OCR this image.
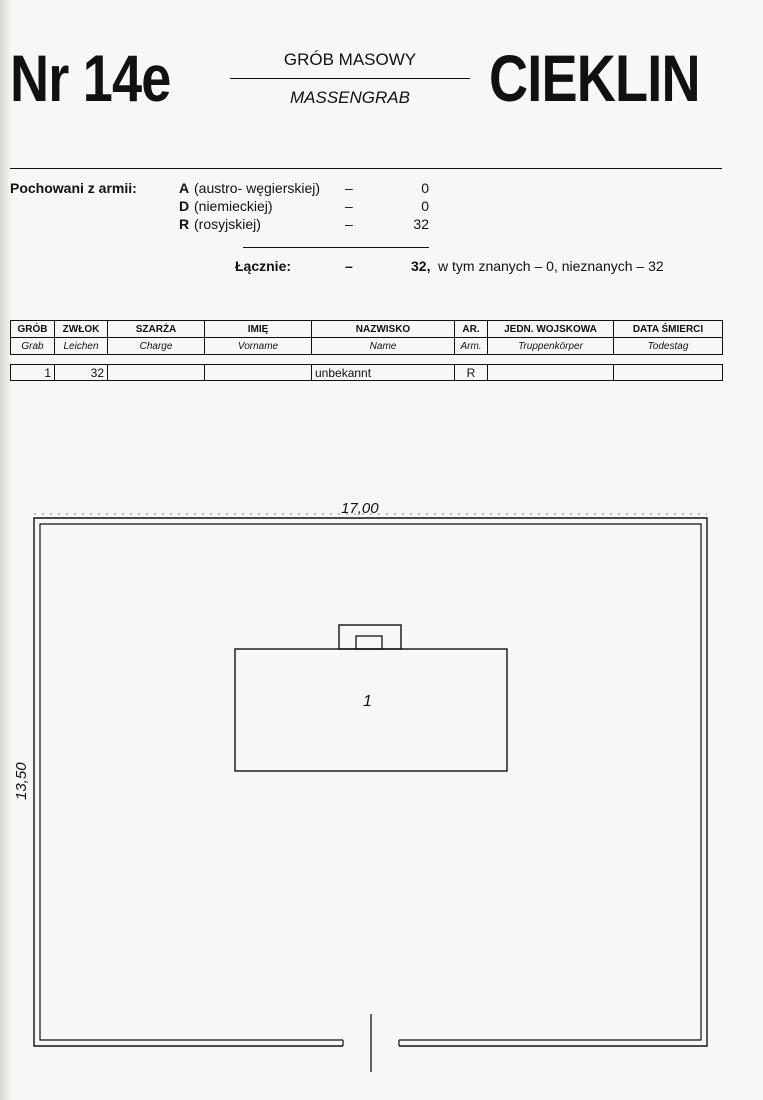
Nr 14e	GRÓB MASOWY
MASSENGRAB	CIEKLIN
Pochowani z armii:	A (austro- węgierskiej) –	0
D (niemieckiej)	–	0
R (rosyjskiej)	–	32
Łącznie:	–	32, w tym znanych – 0, nieznanych – 32
GRÓB	ZWŁOK	SZARŻA	IMIĘ	NAZWISKO	AR.	JEDN. WOJSKOWA	DATA ŚMIERCI
Grab	Leichen	Charge	Vorname	Name	Arm.	Truppenkörper	Todestag
1	32			unbekannt	R		
17,00
13,50
1
